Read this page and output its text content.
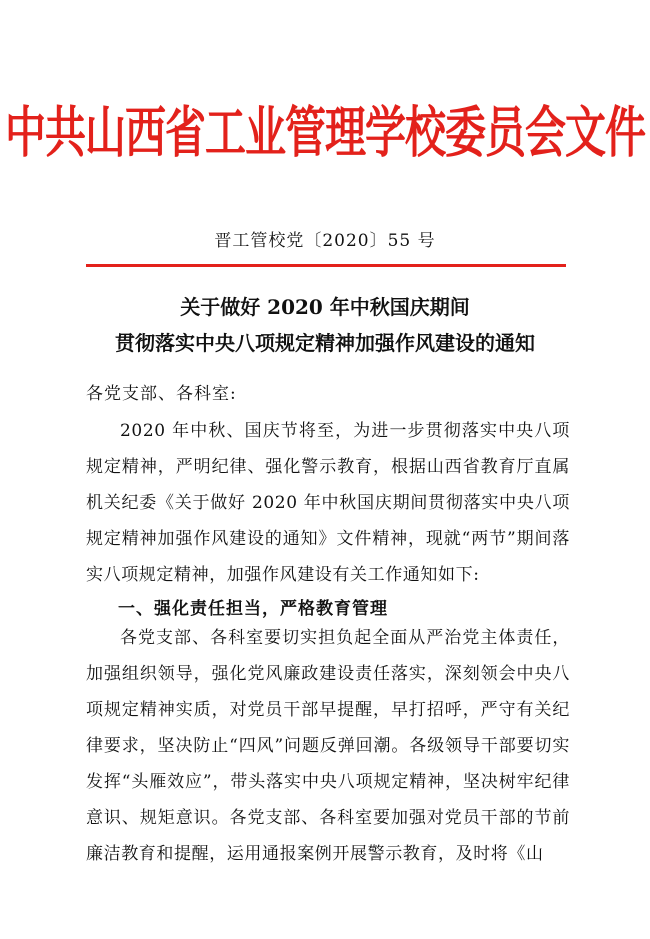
中共山西省工业管理学校委员会文件
晋工管校党〔2020〕55 号
关于做好 2020 年中秋国庆期间
贯彻落实中央八项规定精神加强作风建设的通知
各党支部、各科室:
2020 年中秋、国庆节将至，为进一步贯彻落实中央八项规定精神，严明纪律、强化警示教育，根据山西省教育厅直属机关纪委《关于做好 2020 年中秋国庆期间贯彻落实中央八项规定精神加强作风建设的通知》文件精神，现就“两节”期间落实八项规定精神，加强作风建设有关工作通知如下:
一、强化责任担当，严格教育管理
各党支部、各科室要切实担负起全面从严治党主体责任，加强组织领导，强化党风廉政建设责任落实，深刻领会中央八项规定精神实质，对党员干部早提醒，早打招呼，严守有关纪律要求，坚决防止“四风”问题反弹回潮。各级领导干部要切实发挥“头雁效应”，带头落实中央八项规定精神，坚决树牢纪律意识、规矩意识。各党支部、各科室要加强对党员干部的节前廉洁教育和提醒，运用通报案例开展警示教育，及时将《山
